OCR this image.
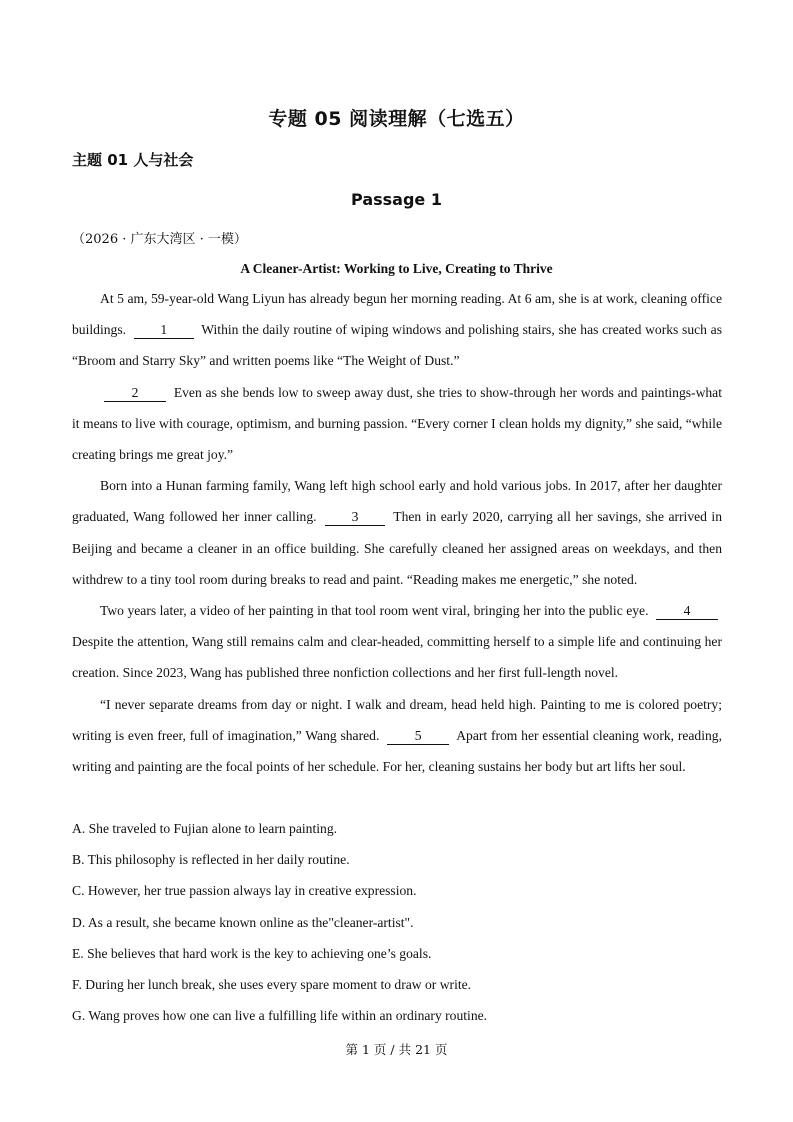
专题 05 阅读理解（七选五）
主题 01 人与社会
Passage 1
（2026 · 广东大湾区 · 一模）
A Cleaner-Artist: Working to Live, Creating to Thrive

At 5 am, 59-year-old Wang Liyun has already begun her morning reading. At 6 am, she is at work, cleaning office buildings.	1	Within the daily routine of wiping windows and polishing stairs, she has created works such as “Broom and Starry Sky” and written poems like “The Weight of Dust.”

2	Even as she bends low to sweep away dust, she tries to show-through her words and paintings-what it means to live with courage, optimism, and burning passion. “Every corner I clean holds my dignity,” she said, “while creating brings me great joy.”

Born into a Hunan farming family, Wang left high school early and hold various jobs. In 2017, after her daughter graduated, Wang followed her inner calling.	3	Then in early 2020, carrying all her savings, she arrived in Beijing and became a cleaner in an office building. She carefully cleaned her assigned areas on weekdays, and then withdrew to a tiny tool room during breaks to read and paint. “Reading makes me energetic,” she noted.

Two years later, a video of her painting in that tool room went viral, bringing her into the public eye.	4 Despite the attention, Wang still remains calm and clear-headed, committing herself to a simple life and continuing her creation. Since 2023, Wang has published three nonfiction collections and her first full-length novel.

“I never separate dreams from day or night. I walk and dream, head held high. Painting to me is colored poetry; writing is even freer, full of imagination,” Wang shared.	5	Apart from her essential cleaning work, reading, writing and painting are the focal points of her schedule. For her, cleaning sustains her body but art lifts her soul.

A. She traveled to Fujian alone to learn painting.
B. This philosophy is reflected in her daily routine.
C. However, her true passion always lay in creative expression.
D. As a result, she became known online as the"cleaner-artist".
E. She believes that hard work is the key to achieving one’s goals.
F. During her lunch break, she uses every spare moment to draw or write.
G. Wang proves how one can live a fulfilling life within an ordinary routine.
第 1 页 / 共 21 页
